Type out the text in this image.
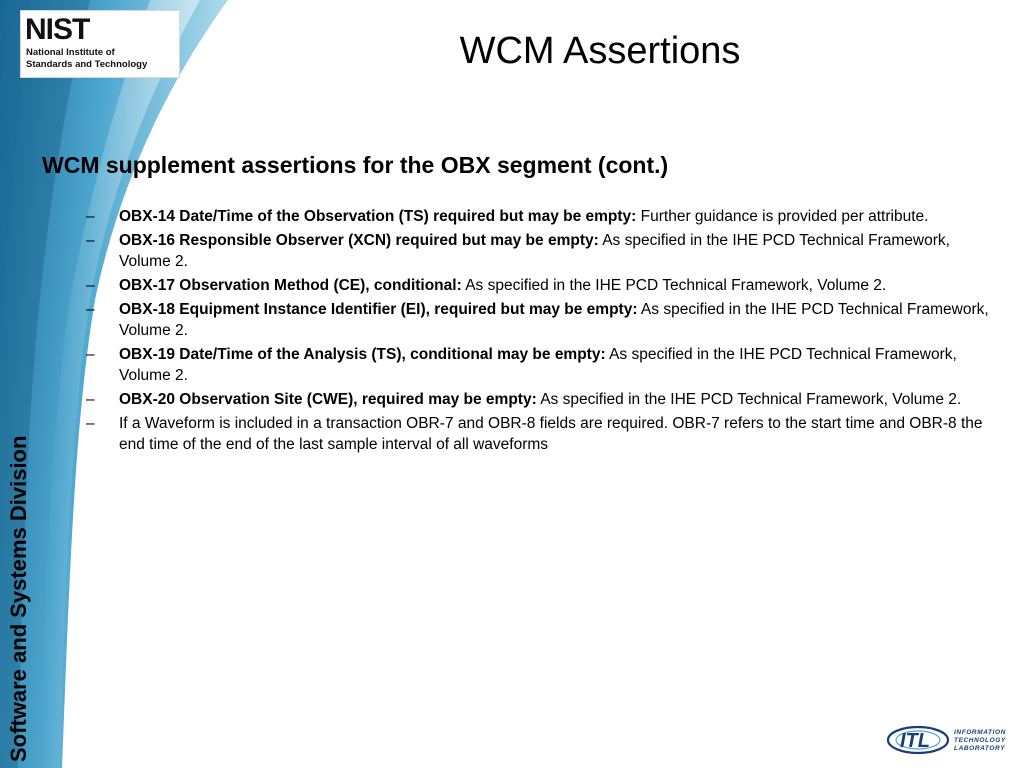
NIST
National Institute of
Standards and Technology	WCM Assertions
WCM supplement assertions for the OBX segment (cont.)
– OBX-14 Date/Time of the Observation (TS) required but may be empty: Further guidance is provided per attribute.
– OBX-16 Responsible Observer (XCN) required but may be empty: As specified in the IHE PCD Technical Framework, Volume 2.
– OBX-17 Observation Method (CE), conditional: As specified in the IHE PCD Technical Framework, Volume 2.
– OBX-18 Equipment Instance Identifier (EI), required but may be empty: As specified in the IHE PCD Technical Framework, Volume 2.
– OBX-19 Date/Time of the Analysis (TS), conditional may be empty: As specified in the IHE PCD Technical Framework, Volume 2.
– OBX-20 Observation Site (CWE), required may be empty: As specified in the IHE PCD Technical Framework, Volume 2.
– If a Waveform is included in a transaction OBR-7 and OBR-8 fields are required. OBR-7 refers to the start time and OBR-8 the end time of the end of the last sample interval of all waveforms
Software and Systems Division	ITL	INFORMATION
TECHNOLOGY
LABORATORY
